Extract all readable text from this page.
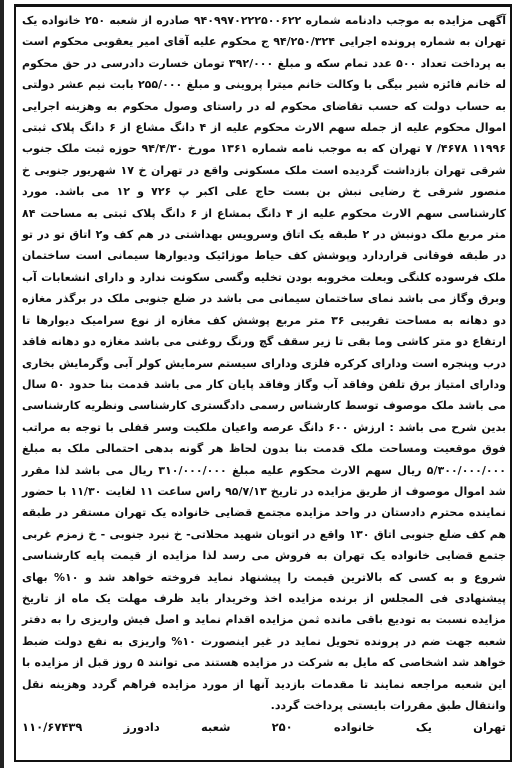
آگهی مزایده به موجب دادنامه شماره ۹۴۰۹۹۷۰۲۲۲۵۰۰۶۲۲ صادره از شعبه ۲۵۰ خانواده یک تهران به شماره پرونده اجرایی ۹۴/۲۵۰/۳۲۴ ج محکوم علیه آقای امیر یعقوبی محکوم است به پرداخت تعداد ۵۰۰ عدد تمام سکه و مبلغ ۳۹۲/۰۰۰ تومان خسارت دادرسی در حق محکوم له خانم فائزه شیر بیگی با وکالت خانم میترا پروینی و مبلغ ۲۵۵/۰۰۰ بابت نیم عشر دولتی به حساب دولت که حسب تقاضای محکوم له در راستای وصول محکوم به وهزینه اجرایی اموال محکوم علیه از جمله سهم الارث محکوم علیه از ۴ دانگ مشاع از ۶ دانگ پلاک ثبتی ۱۱۹۹۶ ۴۶۷۸/ ۷ تهران که به موجب نامه شماره ۱۳۶۱ مورخ ۹۴/۴/۳۰ حوزه ثبت ملک جنوب شرقی تهران بازداشت گردیده است ملک مسکونی واقع در تهران خ ۱۷ شهریور جنوبی خ منصور شرقی خ رضایی نبش بن بست حاج علی اکبر پ ۷۲۶ و ۱۲ می باشد. مورد کارشناسی سهم الارث محکوم علیه از ۴ دانگ بمشاع از ۶ دانگ پلاک ثبتی به مساحت ۸۴ متر مربع ملک دونبش در ۲ طبقه یک اتاق وسرویس بهداشتی در هم کف و۲ اتاق تو در تو در طبقه فوقانی قراردارد وپوشش کف حیاط موزائیک ودیوارها سیمانی است ساختمان ملک فرسوده کلنگی وبعلت مخروبه بودن تخلیه وگسی سکونت ندارد و دارای انشعابات آب وبرق وگاز می باشد نمای ساختمان سیمانی می باشد در ضلع جنوبی ملک در برگذر مغازه دو دهانه به مساحت تقریبی ۳۶ متر مربع پوشش کف مغازه از نوع سرامیک دیوارها تا ارتفاع دو متر کاشی وما بقی تا زیر سقف گچ ورنگ روغنی می باشد مغازه دو دهانه فاقد درب وپنجره است ودارای کرکره فلزی ودارای سیستم سرمایش کولر آبی وگرمایش بخاری ودارای امتیاز برق تلفن وفاقد آب وگاز وفاقد پایان کار می باشد قدمت بنا حدود ۵۰ سال می باشد ملک موصوف توسط کارشناس رسمی دادگستری کارشناسی ونظریه کارشناسی بدین شرح می باشد : ارزش ۶۰۰ دانگ عرصه واعیان ملکیت وسر قفلی با توجه به مراتب فوق موقعیت ومساحت ملک قدمت بنا بدون لحاظ هر گونه بدهی احتمالی ملک به مبلغ ۵/۳۰۰/۰۰۰/۰۰۰ ریال سهم الارث محکوم علیه مبلغ ۳۱۰/۰۰۰/۰۰۰ ریال می باشد لذا مقرر شد اموال موصوف از طریق مزایده در تاریخ ۹۵/۷/۱۳ راس ساعت ۱۱ لغایت ۱۱/۳۰ با حضور نماینده محترم دادستان در واحد مزایده مجتمع قضایی خانواده یک تهران مستقر در طبقه هم کف ضلع جنوبی اتاق ۱۳۰ واقع در اتوبان شهید محلاتی- خ نبرد جنوبی - خ زمزم غربی جتمع قضایی خانواده یک تهران به فروش می رسد لذا مزایده از قیمت پایه کارشناسی شروع و به کسی که بالاترین قیمت را پیشنهاد نماید فروخته خواهد شد و ۱۰% بهای پیشنهادی فی المجلس از برنده مزایده اخذ وخریدار باید ظرف مهلت یک ماه از تاریخ مزایده نسبت به تودیع باقی مانده ثمن مزایده اقدام نماید و اصل فیش واریزی را به دفتر شعبه جهت ضم در پرونده تحویل نماید در غیر اینصورت ۱۰% واریزی به نفع دولت ضبط خواهد شد اشخاصی که مایل به شرکت در مزایده هستند می توانند ۵ روز قبل از مزایده با این شعبه مراجعه نمایند تا مقدمات بازدید آنها از مورد مزایده فراهم گردد وهزینه نقل وانتقال طبق مقررات بایستی پرداخت گردد.

تهران
یک
خانواده
۲۵۰
شعبه
دادورز
۱۱۰/۶۷۴۳۹
